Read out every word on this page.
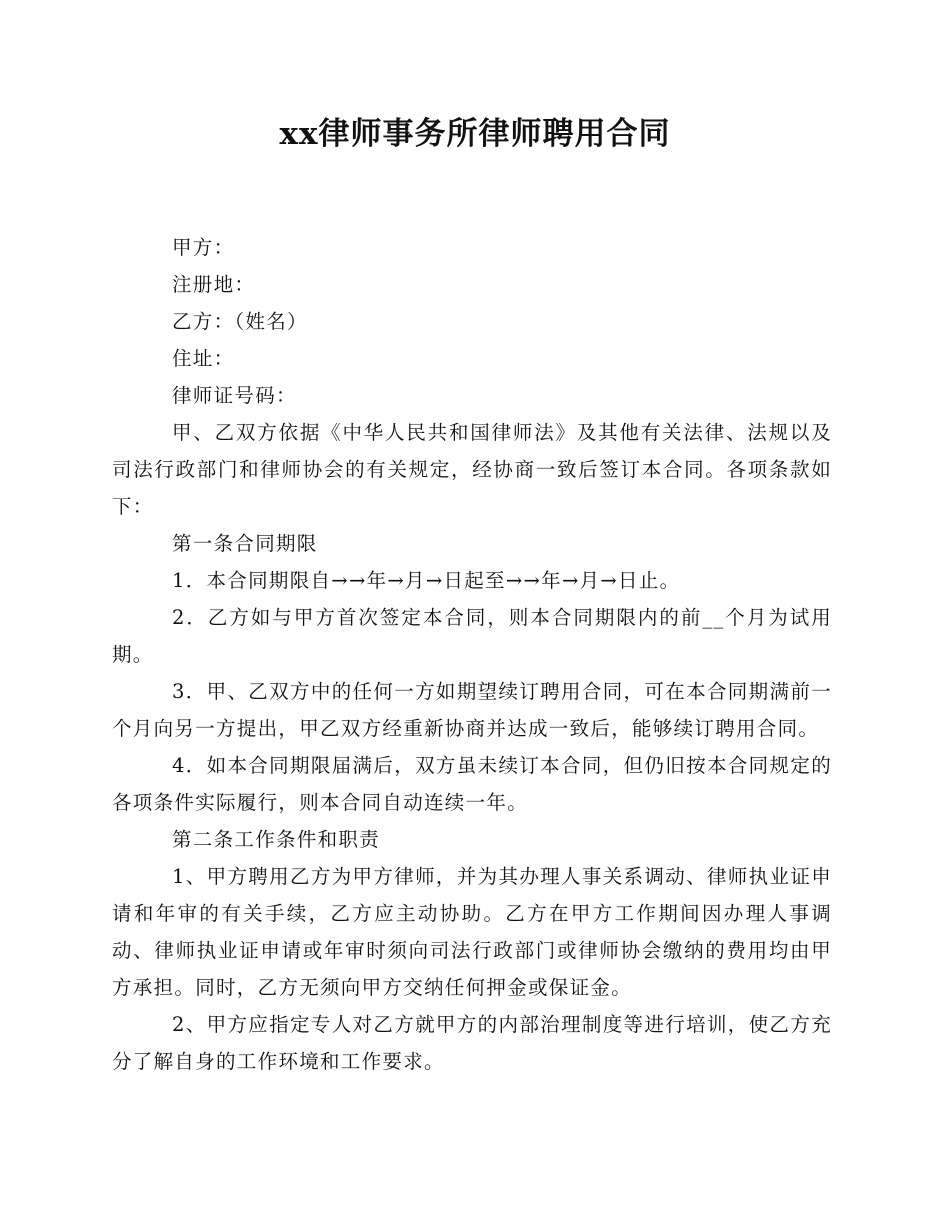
xx律师事务所律师聘用合同

甲方：

注册地：

乙方：（姓名）

住址：

律师证号码：

甲、乙双方依据《中华人民共和国律师法》及其他有关法律、法规以及司法行政部门和律师协会的有关规定，经协商一致后签订本合同。各项条款如下：

第一条合同期限

1．本合同期限自→→年→月→日起至→→年→月→日止。

2．乙方如与甲方首次签定本合同，则本合同期限内的前__个月为试用期。

3．甲、乙双方中的任何一方如期望续订聘用合同，可在本合同期满前一个月向另一方提出，甲乙双方经重新协商并达成一致后，能够续订聘用合同。

4．如本合同期限届满后，双方虽未续订本合同，但仍旧按本合同规定的各项条件实际履行，则本合同自动连续一年。

第二条工作条件和职责

1、甲方聘用乙方为甲方律师，并为其办理人事关系调动、律师执业证申请和年审的有关手续，乙方应主动协助。乙方在甲方工作期间因办理人事调动、律师执业证申请或年审时须向司法行政部门或律师协会缴纳的费用均由甲方承担。同时，乙方无须向甲方交纳任何押金或保证金。

2、甲方应指定专人对乙方就甲方的内部治理制度等进行培训，使乙方充分了解自身的工作环境和工作要求。
